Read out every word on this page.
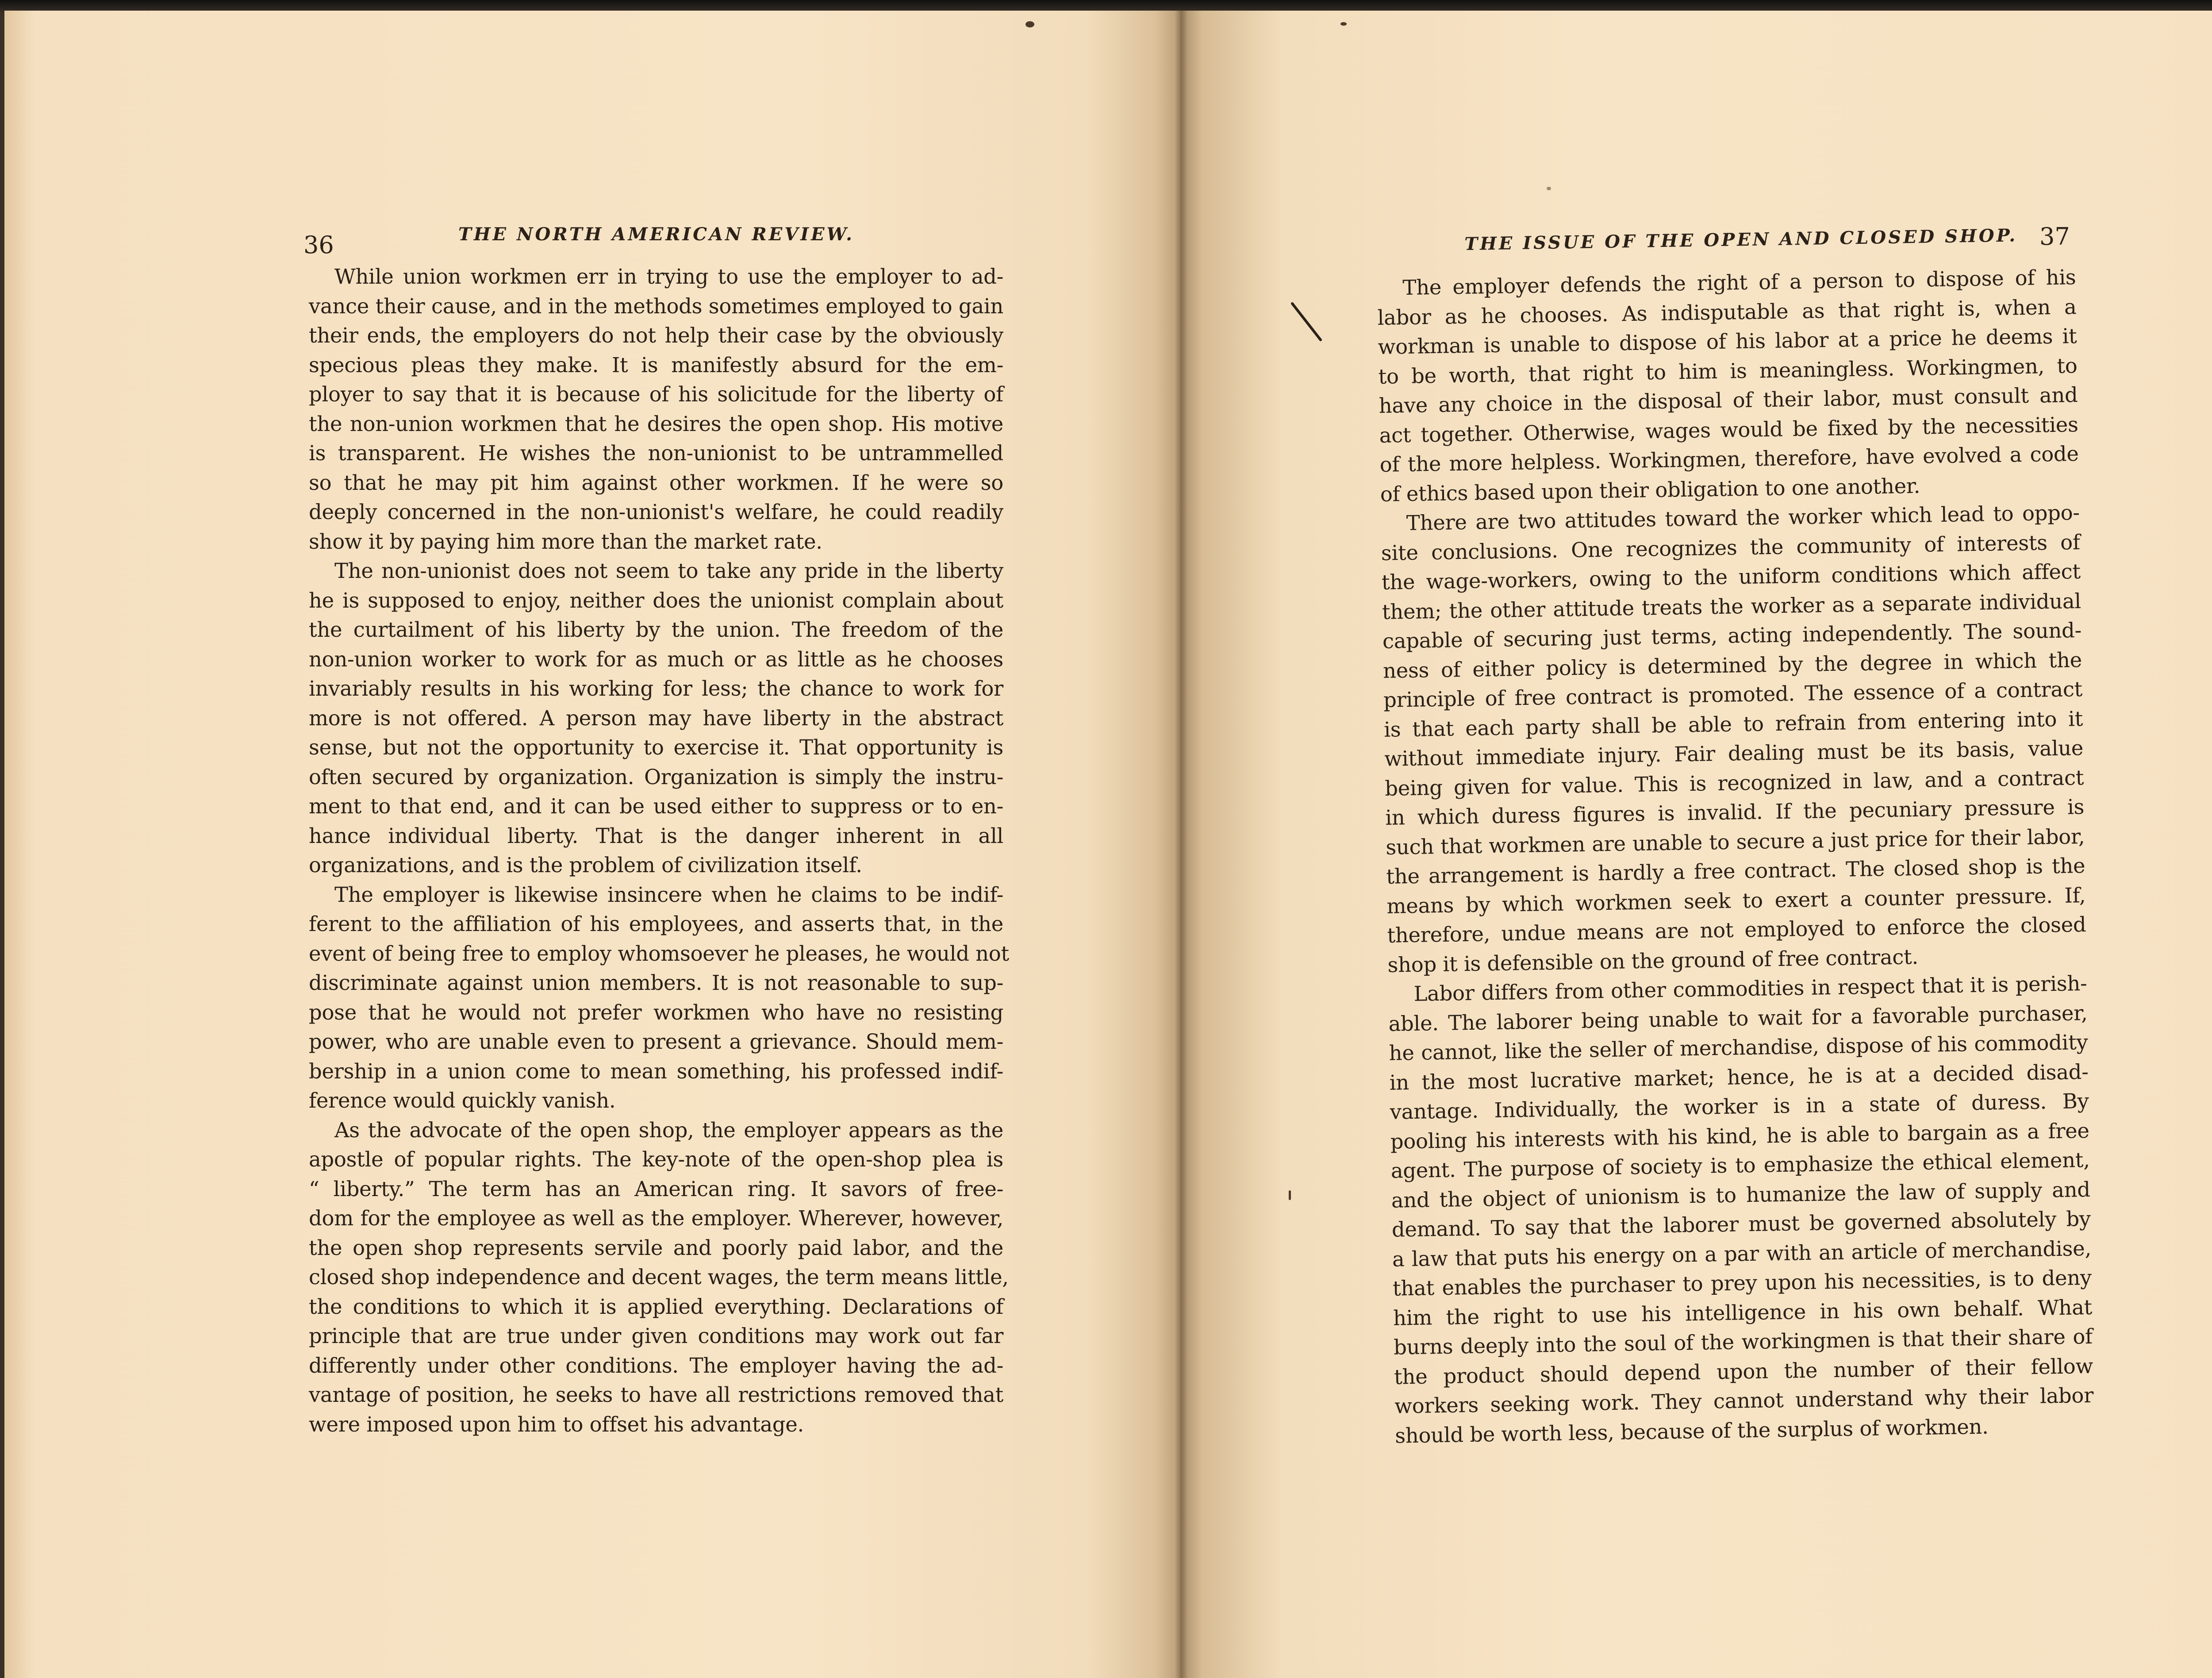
36	THE NORTH AMERICAN REVIEW.
While union workmen err in trying to use the employer to ad-
vance their cause, and in the methods sometimes employed to gain
their ends, the employers do not help their case by the obviously
specious pleas they make. It is manifestly absurd for the em-
ployer to say that it is because of his solicitude for the liberty of
the non-union workmen that he desires the open shop. His motive
is transparent. He wishes the non-unionist to be untrammelled
so that he may pit him against other workmen. If he were so
deeply concerned in the non-unionist's welfare, he could readily
show it by paying him more than the market rate.
The non-unionist does not seem to take any pride in the liberty
he is supposed to enjoy, neither does the unionist complain about
the curtailment of his liberty by the union. The freedom of the
non-union worker to work for as much or as little as he chooses
invariably results in his working for less; the chance to work for
more is not offered. A person may have liberty in the abstract
sense, but not the opportunity to exercise it. That opportunity is
often secured by organization. Organization is simply the instru-
ment to that end, and it can be used either to suppress or to en-
hance individual liberty. That is the danger inherent in all
organizations, and is the problem of civilization itself.
The employer is likewise insincere when he claims to be indif-
ferent to the affiliation of his employees, and asserts that, in the
event of being free to employ whomsoever he pleases, he would not
discriminate against union members. It is not reasonable to sup-
pose that he would not prefer workmen who have no resisting
power, who are unable even to present a grievance. Should mem-
bership in a union come to mean something, his professed indif-
ference would quickly vanish.
As the advocate of the open shop, the employer appears as the
apostle of popular rights. The key-note of the open-shop plea is
“ liberty.” The term has an American ring. It savors of free-
dom for the employee as well as the employer. Wherever, however,
the open shop represents servile and poorly paid labor, and the
closed shop independence and decent wages, the term means little,
the conditions to which it is applied everything. Declarations of
principle that are true under given conditions may work out far
differently under other conditions. The employer having the ad-
vantage of position, he seeks to have all restrictions removed that
were imposed upon him to offset his advantage.
THE ISSUE OF THE OPEN AND CLOSED SHOP. 37
The employer defends the right of a person to dispose of his
labor as he chooses. As indisputable as that right is, when a
workman is unable to dispose of his labor at a price he deems it
to be worth, that right to him is meaningless. Workingmen, to
have any choice in the disposal of their labor, must consult and
act together. Otherwise, wages would be fixed by the necessities
of the more helpless. Workingmen, therefore, have evolved a code
of ethics based upon their obligation to one another.
There are two attitudes toward the worker which lead to oppo-
site conclusions. One recognizes the community of interests of
the wage-workers, owing to the uniform conditions which affect
them; the other attitude treats the worker as a separate individual
capable of securing just terms, acting independently. The sound-
ness of either policy is determined by the degree in which the
principle of free contract is promoted. The essence of a contract
is that each party shall be able to refrain from entering into it
without immediate injury. Fair dealing must be its basis, value
being given for value. This is recognized in law, and a contract
in which duress figures is invalid. If the pecuniary pressure is
such that workmen are unable to secure a just price for their labor,
the arrangement is hardly a free contract. The closed shop is the
means by which workmen seek to exert a counter pressure. If,
therefore, undue means are not employed to enforce the closed
shop it is defensible on the ground of free contract.
Labor differs from other commodities in respect that it is perish-
able. The laborer being unable to wait for a favorable purchaser,
he cannot, like the seller of merchandise, dispose of his commodity
in the most lucrative market; hence, he is at a decided disad-
vantage. Individually, the worker is in a state of duress. By
pooling his interests with his kind, he is able to bargain as a free
agent. The purpose of society is to emphasize the ethical element,
and the object of unionism is to humanize the law of supply and
demand. To say that the laborer must be governed absolutely by
a law that puts his energy on a par with an article of merchandise,
that enables the purchaser to prey upon his necessities, is to deny
him the right to use his intelligence in his own behalf. What
burns deeply into the soul of the workingmen is that their share of
the product should depend upon the number of their fellow
workers seeking work. They cannot understand why their labor
should be worth less, because of the surplus of workmen.
